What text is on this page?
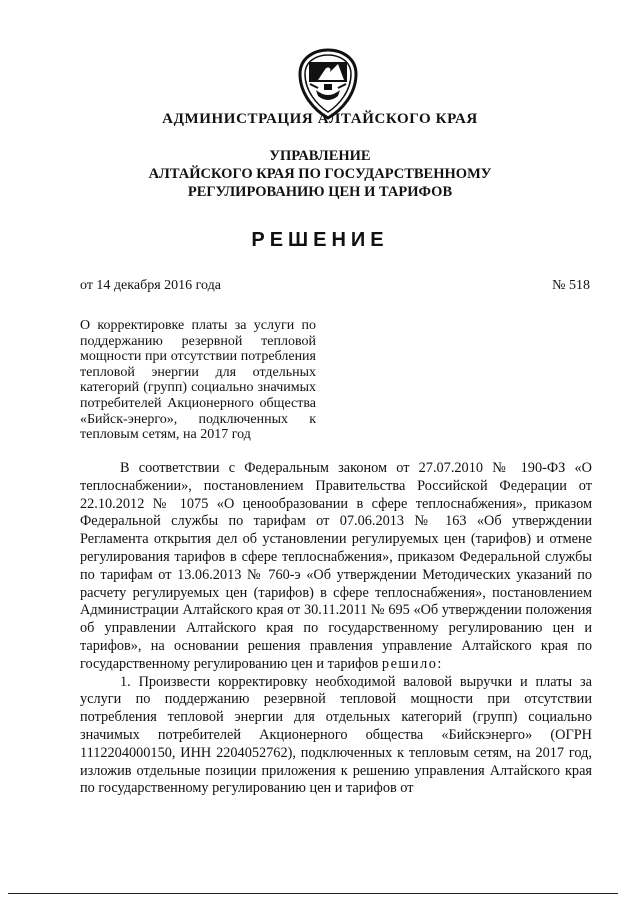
АДМИНИСТРАЦИЯ АЛТАЙСКОГО КРАЯ
УПРАВЛЕНИЕ
АЛТАЙСКОГО КРАЯ ПО ГОСУДАРСТВЕННОМУ
РЕГУЛИРОВАНИЮ ЦЕН И ТАРИФОВ
РЕШЕНИЕ
от 14 декабря 2016 года	№ 518
О корректировке платы за услуги по поддержанию резервной тепловой мощности при отсутствии потребления тепловой энергии для отдельных категорий (групп) социально значимых потребителей Акционерного общества «Бийск-энерго», подключенных к тепловым сетям, на 2017 год

В соответствии с Федеральным законом от 27.07.2010 № 190-ФЗ «О теплоснабжении», постановлением Правительства Российской Федерации от 22.10.2012 № 1075 «О ценообразовании в сфере теплоснабжения», приказом Федеральной службы по тарифам от 07.06.2013 № 163 «Об утверждении Регламента открытия дел об установлении регулируемых цен (тарифов) и отмене регулирования тарифов в сфере теплоснабжения», приказом Федеральной службы по тарифам от 13.06.2013 № 760-э «Об утверждении Методических указаний по расчету регулируемых цен (тарифов) в сфере теплоснабжения», постановлением Администрации Алтайского края от 30.11.2011 № 695 «Об утверждении положения об управлении Алтайского края по государственному регулированию цен и тарифов», на основании решения правления управление Алтайского края по государственному регулированию цен и тарифов решило:

1. Произвести корректировку необходимой валовой выручки и платы за услуги по поддержанию резервной тепловой мощности при отсутствии потребления тепловой энергии для отдельных категорий (групп) социально значимых потребителей Акционерного общества «Бийскэнерго» (ОГРН 1112204000150, ИНН 2204052762), подключенных к тепловым сетям, на 2017 год, изложив отдельные позиции приложения к решению управления Алтайского края по государственному регулированию цен и тарифов от
